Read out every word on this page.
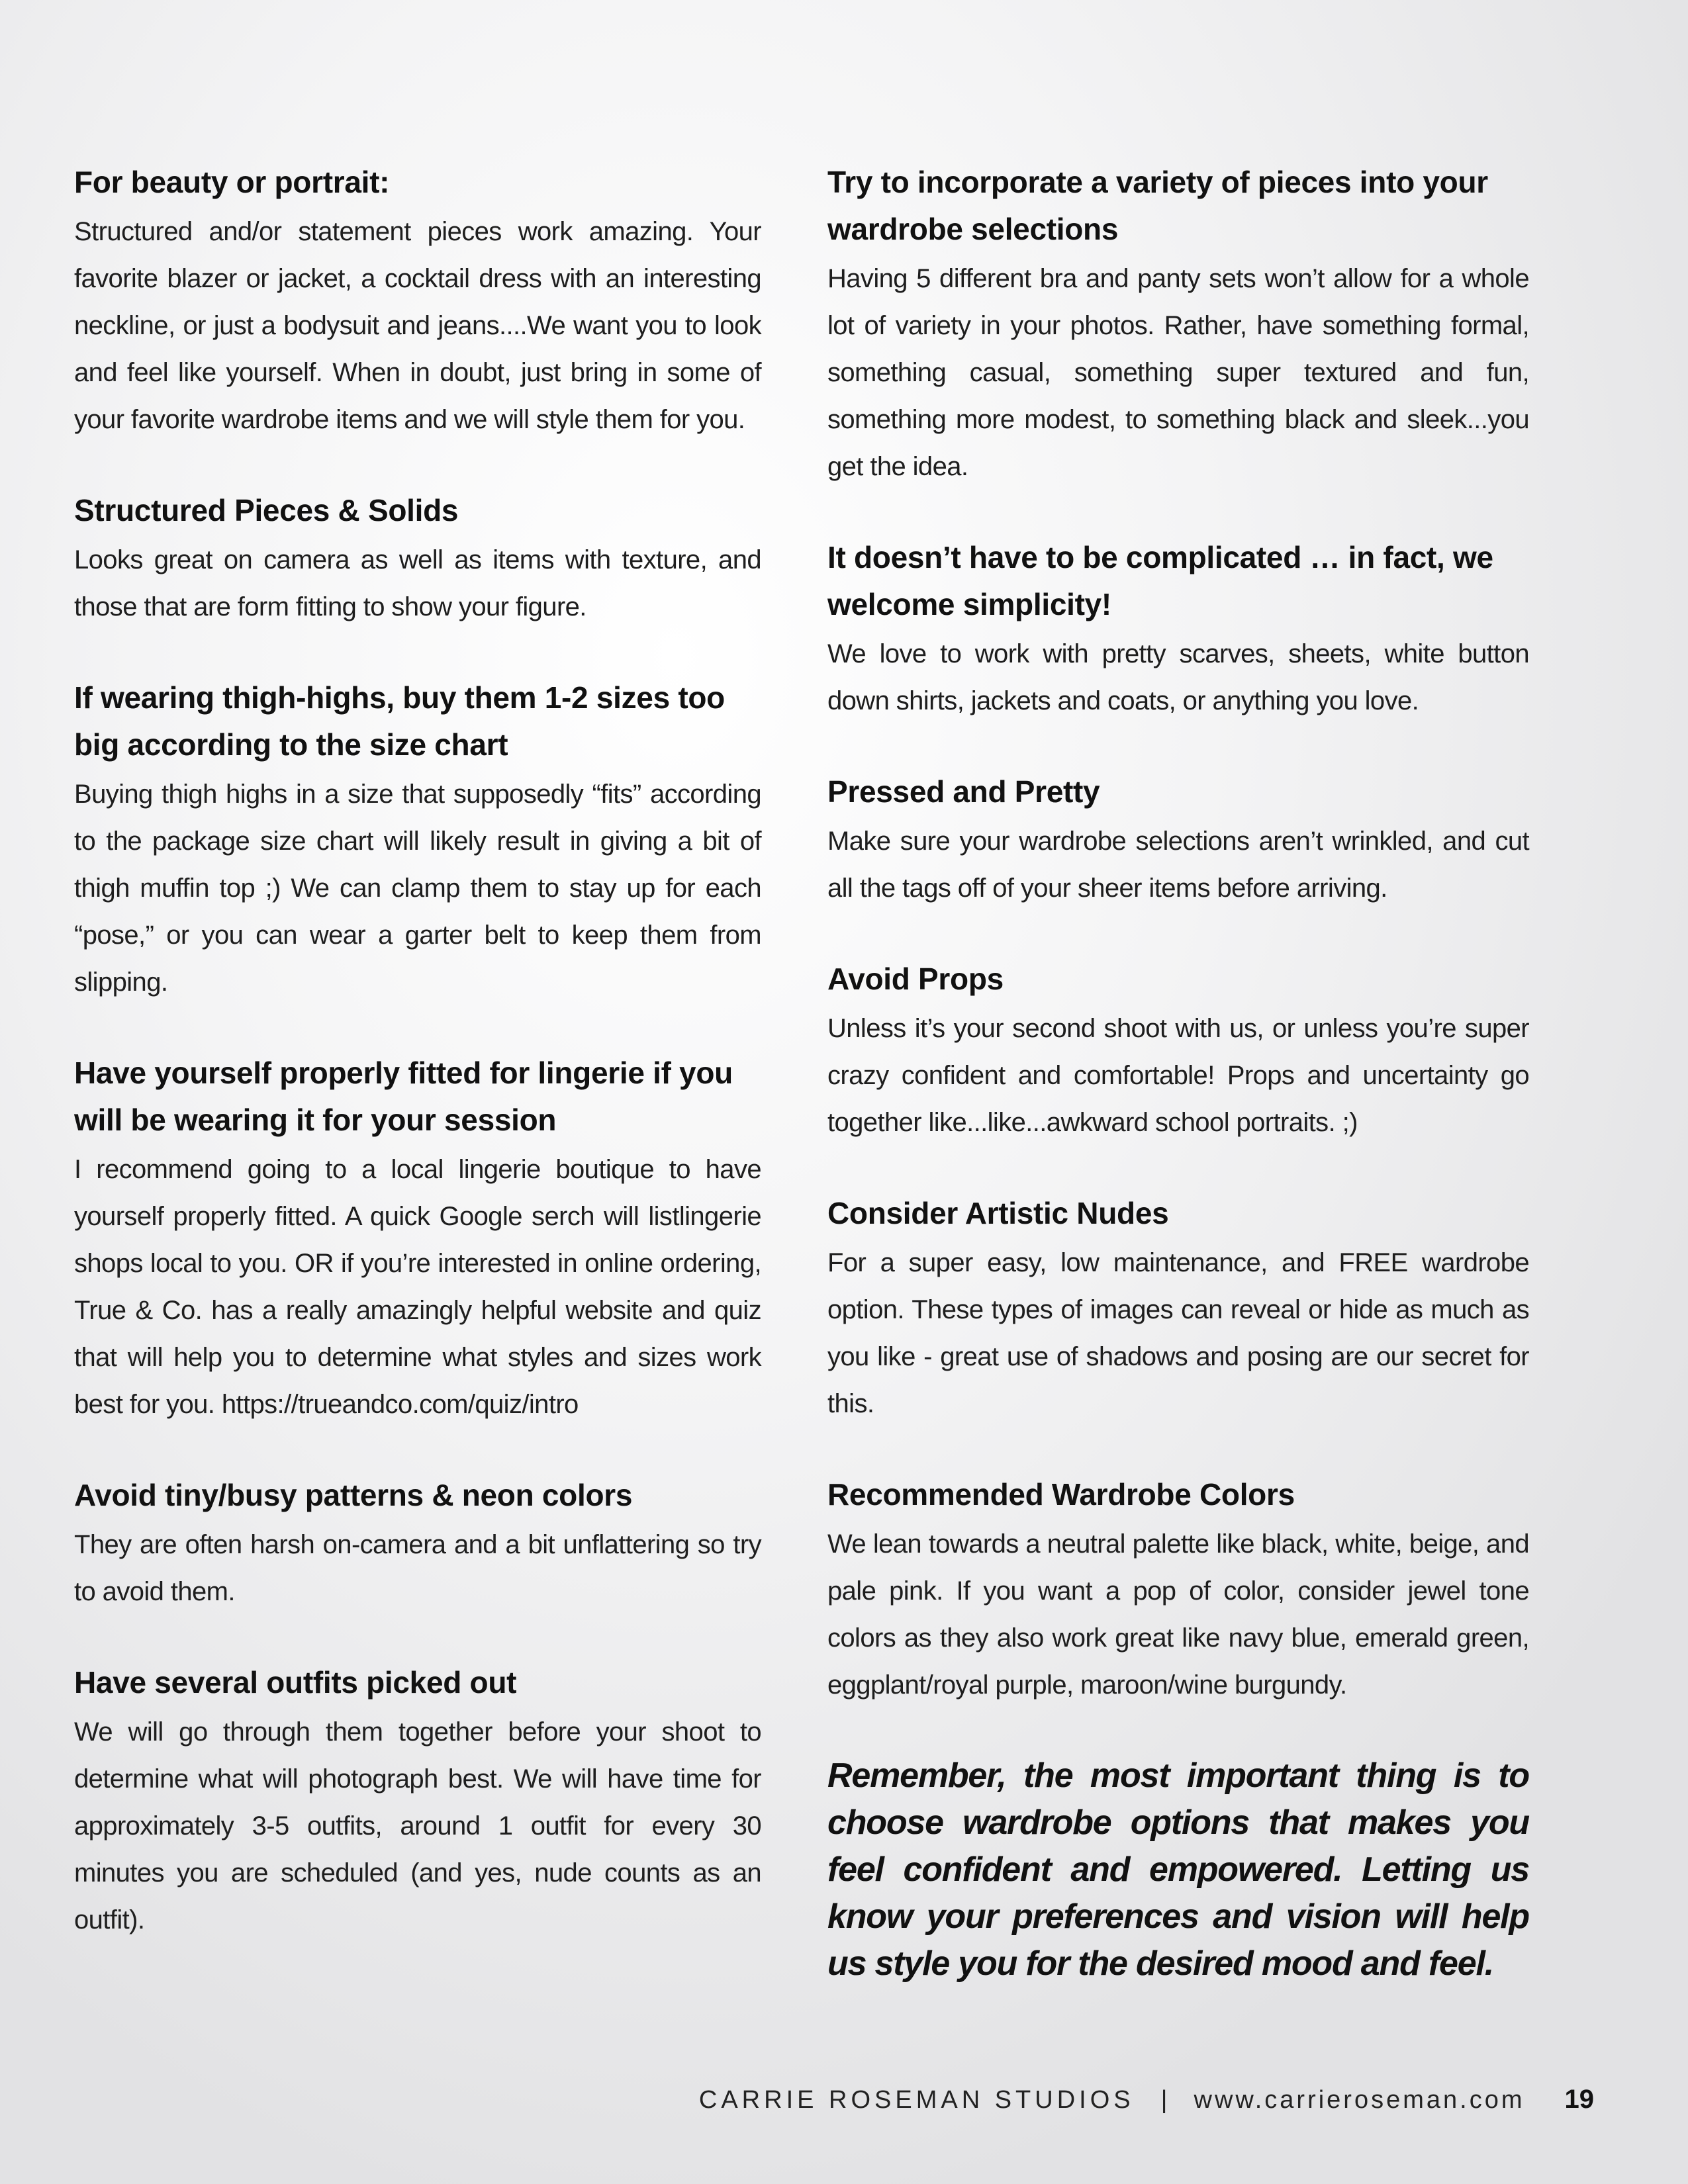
For beauty or portrait:

Structured and/or statement pieces work amazing. Your favorite blazer or jacket, a cocktail dress with an interesting neckline, or just a bodysuit and jeans....We want you to look and feel like yourself. When in doubt, just bring in some of your favorite wardrobe items and we will style them for you.

Structured Pieces & Solids

Looks great on camera as well as items with texture, and those that are form fitting to show your figure.

If wearing thigh-highs, buy them 1-2 sizes too big according to the size chart

Buying thigh highs in a size that supposedly “fits” according to the package size chart will likely result in giving a bit of thigh muffin top ;) We can clamp them to stay up for each “pose,” or you can wear a garter belt to keep them from slipping.

Have yourself properly fitted for lingerie if you will be wearing it for your session

I recommend going to a local lingerie boutique to have yourself properly fitted. A quick Google serch will listlingerie shops local to you. OR if you’re interested in online ordering, True & Co. has a really amazingly helpful website and quiz that will help you to determine what styles and sizes work best for you. https://trueandco.com/quiz/intro

Avoid tiny/busy patterns & neon colors

They are often harsh on-camera and a bit unflattering so try to avoid them.

Have several outfits picked out

We will go through them together before your shoot to determine what will photograph best. We will have time for approximately 3-5 outfits, around 1 outfit for every 30 minutes you are scheduled (and yes, nude counts as an outfit).

Try to incorporate a variety of pieces into your wardrobe selections

Having 5 different bra and panty sets won’t allow for a whole lot of variety in your photos. Rather, have something formal, something casual, something super textured and fun, something more modest, to something black and sleek...you get the idea.

It doesn’t have to be complicated … in fact, we welcome simplicity!

We love to work with pretty scarves, sheets, white button down shirts, jackets and coats, or anything you love.

Pressed and Pretty

Make sure your wardrobe selections aren’t wrinkled, and cut all the tags off of your sheer items before arriving.

Avoid Props

Unless it’s your second shoot with us, or unless you’re super crazy confident and comfortable! Props and uncertainty go together like...like...awkward school portraits. ;)

Consider Artistic Nudes

For a super easy, low maintenance, and FREE wardrobe option. These types of images can reveal or hide as much as you like - great use of shadows and posing are our secret for this.

Recommended Wardrobe Colors

We lean towards a neutral palette like black, white, beige, and pale pink. If you want a pop of color, consider jewel tone colors as they also work great like navy blue, emerald green, eggplant/royal purple, maroon/wine burgundy.

Remember, the most important thing is to choose wardrobe options that makes you feel confident and empowered. Letting us know your preferences and vision will help us style you for the desired mood and feel.

CARRIE ROSEMAN STUDIOS | www.carrieroseman.com 19
